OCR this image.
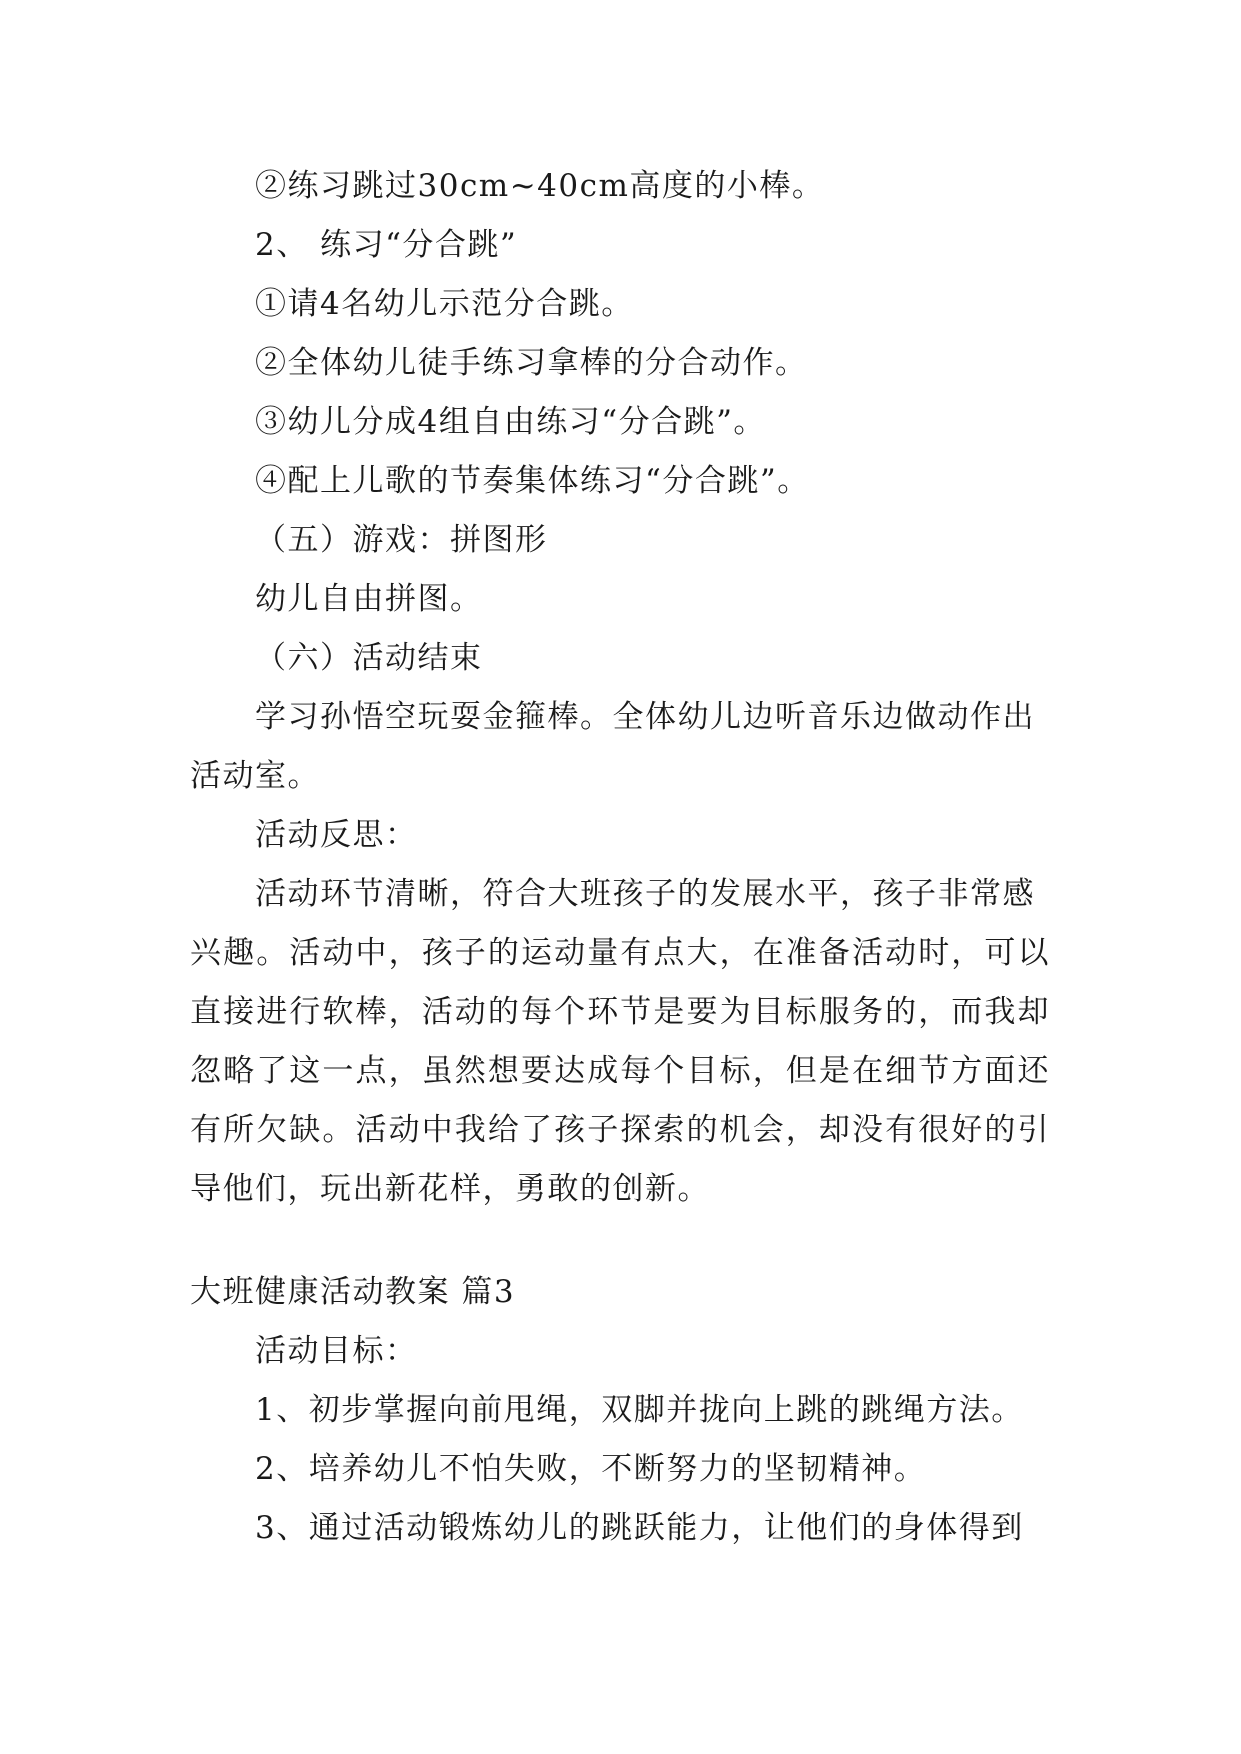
②练习跳过30cm~40cm高度的小棒。
2、 练习“分合跳”
①请4名幼儿示范分合跳。
②全体幼儿徒手练习拿棒的分合动作。
③幼儿分成4组自由练习“分合跳”。
④配上儿歌的节奏集体练习“分合跳”。
（五）游戏：拼图形
幼儿自由拼图。
（六）活动结束
学习孙悟空玩耍金箍棒。全体幼儿边听音乐边做动作出
活动室。
活动反思：
活动环节清晰，符合大班孩子的发展水平，孩子非常感
兴趣。活动中，孩子的运动量有点大，在准备活动时，可以
直接进行软棒，活动的每个环节是要为目标服务的，而我却
忽略了这一点，虽然想要达成每个目标，但是在细节方面还
有所欠缺。活动中我给了孩子探索的机会，却没有很好的引
导他们，玩出新花样，勇敢的创新。
大班健康活动教案 篇3
活动目标：
1、初步掌握向前甩绳，双脚并拢向上跳的跳绳方法。
2、培养幼儿不怕失败，不断努力的坚韧精神。
3、通过活动锻炼幼儿的跳跃能力，让他们的身体得到
